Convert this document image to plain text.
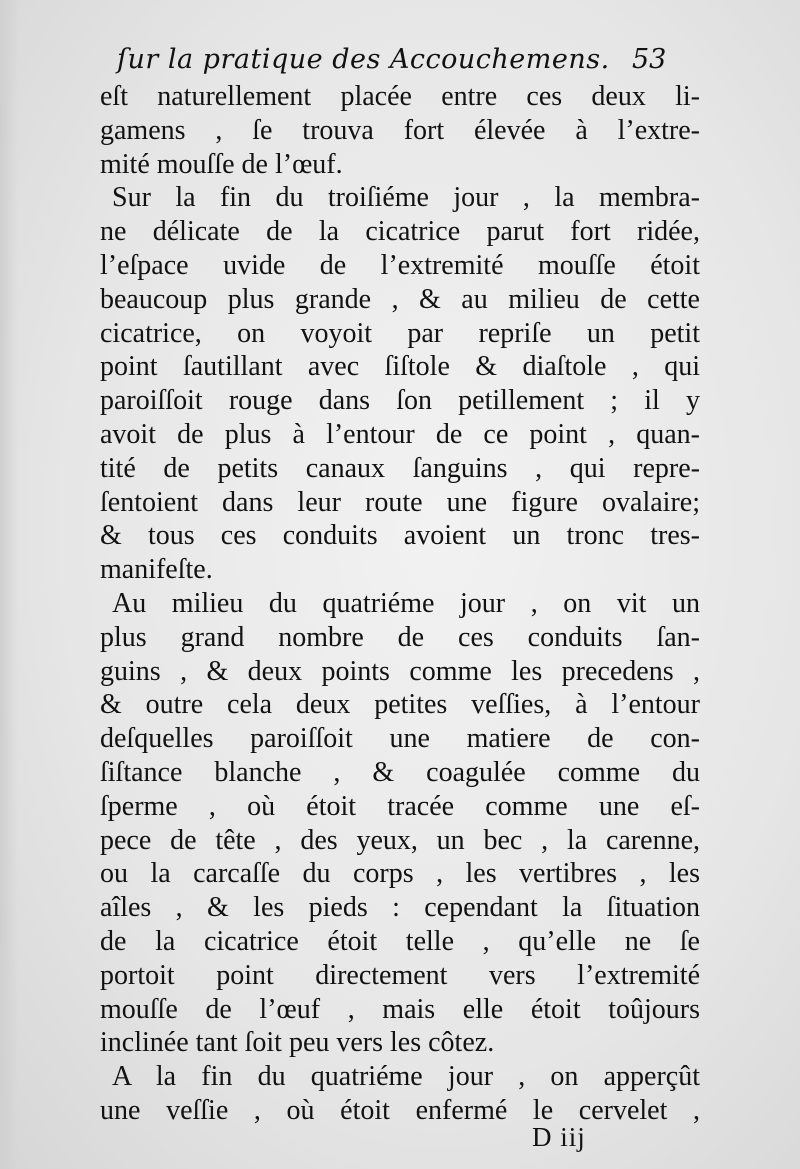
ſur la pratique des Accouchemens. 53
eſt naturellement placée entre ces deux li-
gamens , ſe trouva fort élevée à l’extre-
mité mouſſe de l’œuf.
Sur la fin du troiſiéme jour , la membra-
ne délicate de la cicatrice parut fort ridée,
l’eſpace uvide de l’extremité mouſſe étoit
beaucoup plus grande , & au milieu de cette
cicatrice, on voyoit par repriſe un petit
point ſautillant avec ſiſtole & diaſtole , qui
paroiſſoit rouge dans ſon petillement ; il y
avoit de plus à l’entour de ce point , quan-
tité de petits canaux ſanguins , qui repre-
ſentoient dans leur route une figure ovalaire;
& tous ces conduits avoient un tronc tres-
manifeſte.
Au milieu du quatriéme jour , on vit un
plus grand nombre de ces conduits ſan-
guins , & deux points comme les precedens ,
& outre cela deux petites veſſies, à l’entour
deſquelles paroiſſoit une matiere de con-
ſiſtance blanche , & coagulée comme du
ſperme , où étoit tracée comme une eſ-
pece de tête , des yeux, un bec , la carenne,
ou la carcaſſe du corps , les vertibres , les
aîles , & les pieds : cependant la ſituation
de la cicatrice étoit telle , qu’elle ne ſe
portoit point directement vers l’extremité
mouſſe de l’œuf , mais elle étoit toûjours
inclinée tant ſoit peu vers les côtez.
A la fin du quatriéme jour , on apperçût
une veſſie , où étoit enfermé le cervelet ,
D iij
